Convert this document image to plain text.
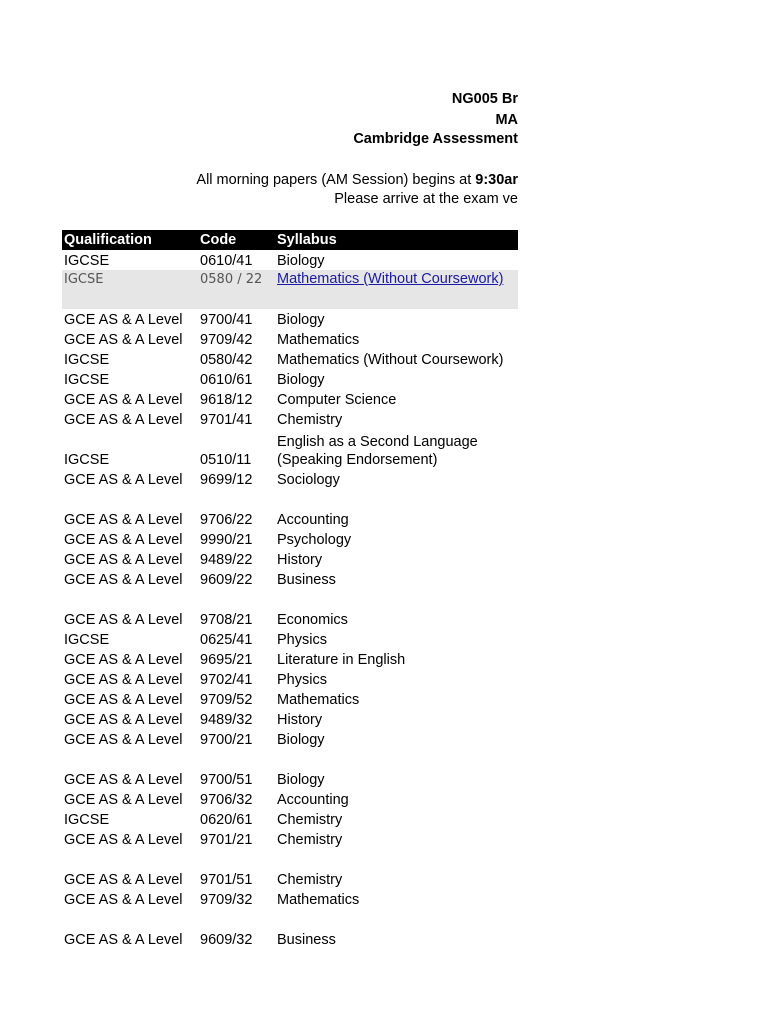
NG005 Br
MA
Cambridge Assessment
All morning papers (AM Session) begins at 9:30ar
Please arrive at the exam ve
Qualification	Code	Syllabus
IGCSE	0610/41	Biology
IGCSE	0580 / 22	Mathematics (Without Coursework)
GCE AS & A Level	9700/41	Biology
GCE AS & A Level	9709/42	Mathematics
IGCSE	0580/42	Mathematics (Without Coursework)
IGCSE	0610/61	Biology
GCE AS & A Level	9618/12	Computer Science
GCE AS & A Level	9701/41	Chemistry
IGCSE	0510/11	English as a Second Language (Speaking Endorsement)
GCE AS & A Level	9699/12	Sociology

GCE AS & A Level	9706/22	Accounting
GCE AS & A Level	9990/21	Psychology
GCE AS & A Level	9489/22	History
GCE AS & A Level	9609/22	Business

GCE AS & A Level	9708/21	Economics
IGCSE	0625/41	Physics
GCE AS & A Level	9695/21	Literature in English
GCE AS & A Level	9702/41	Physics
GCE AS & A Level	9709/52	Mathematics
GCE AS & A Level	9489/32	History
GCE AS & A Level	9700/21	Biology

GCE AS & A Level	9700/51	Biology
GCE AS & A Level	9706/32	Accounting
IGCSE	0620/61	Chemistry
GCE AS & A Level	9701/21	Chemistry

GCE AS & A Level	9701/51	Chemistry
GCE AS & A Level	9709/32	Mathematics

GCE AS & A Level	9609/32	Business
